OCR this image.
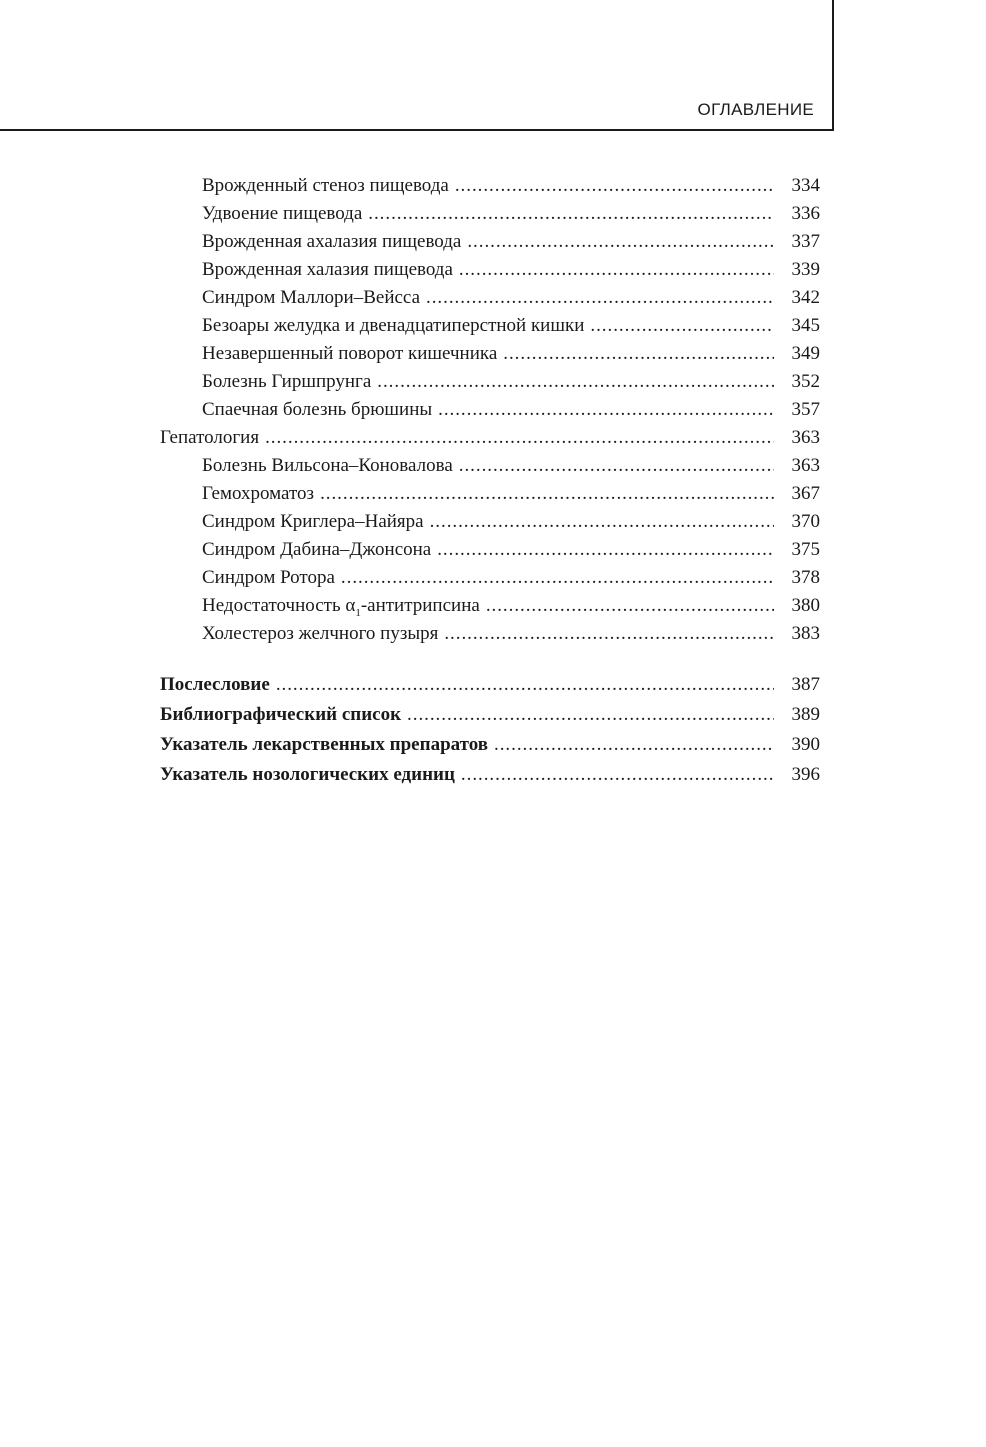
ОГЛАВЛЕНИЕ
Врожденный стеноз пищевода . . .	334
Удвоение пищевода . . .	336
Врожденная ахалазия пищевода . . .	337
Врожденная халазия пищевода . . .	339
Синдром Маллори–Вейсса . . .	342
Безоары желудка и двенадцатиперстной кишки . . .	345
Незавершенный поворот кишечника . . .	349
Болезнь Гиршпрунга . . .	352
Спаечная болезнь брюшины . . .	357
Гепатология . . .	363
Болезнь Вильсона–Коновалова . . .	363
Гемохроматоз . . .	367
Синдром Криглера–Найяра . . .	370
Синдром Дабина–Джонсона . . .	375
Синдром Ротора . . .	378
Недостаточность $\alpha_1$-антитрипсина . . .	380
Холестероз желчного пузыря . . .	383
Послесловие . . .	387
Библиографический список . . .	389
Указатель лекарственных препаратов . . .	390
Указатель нозологических единиц . . .	396
